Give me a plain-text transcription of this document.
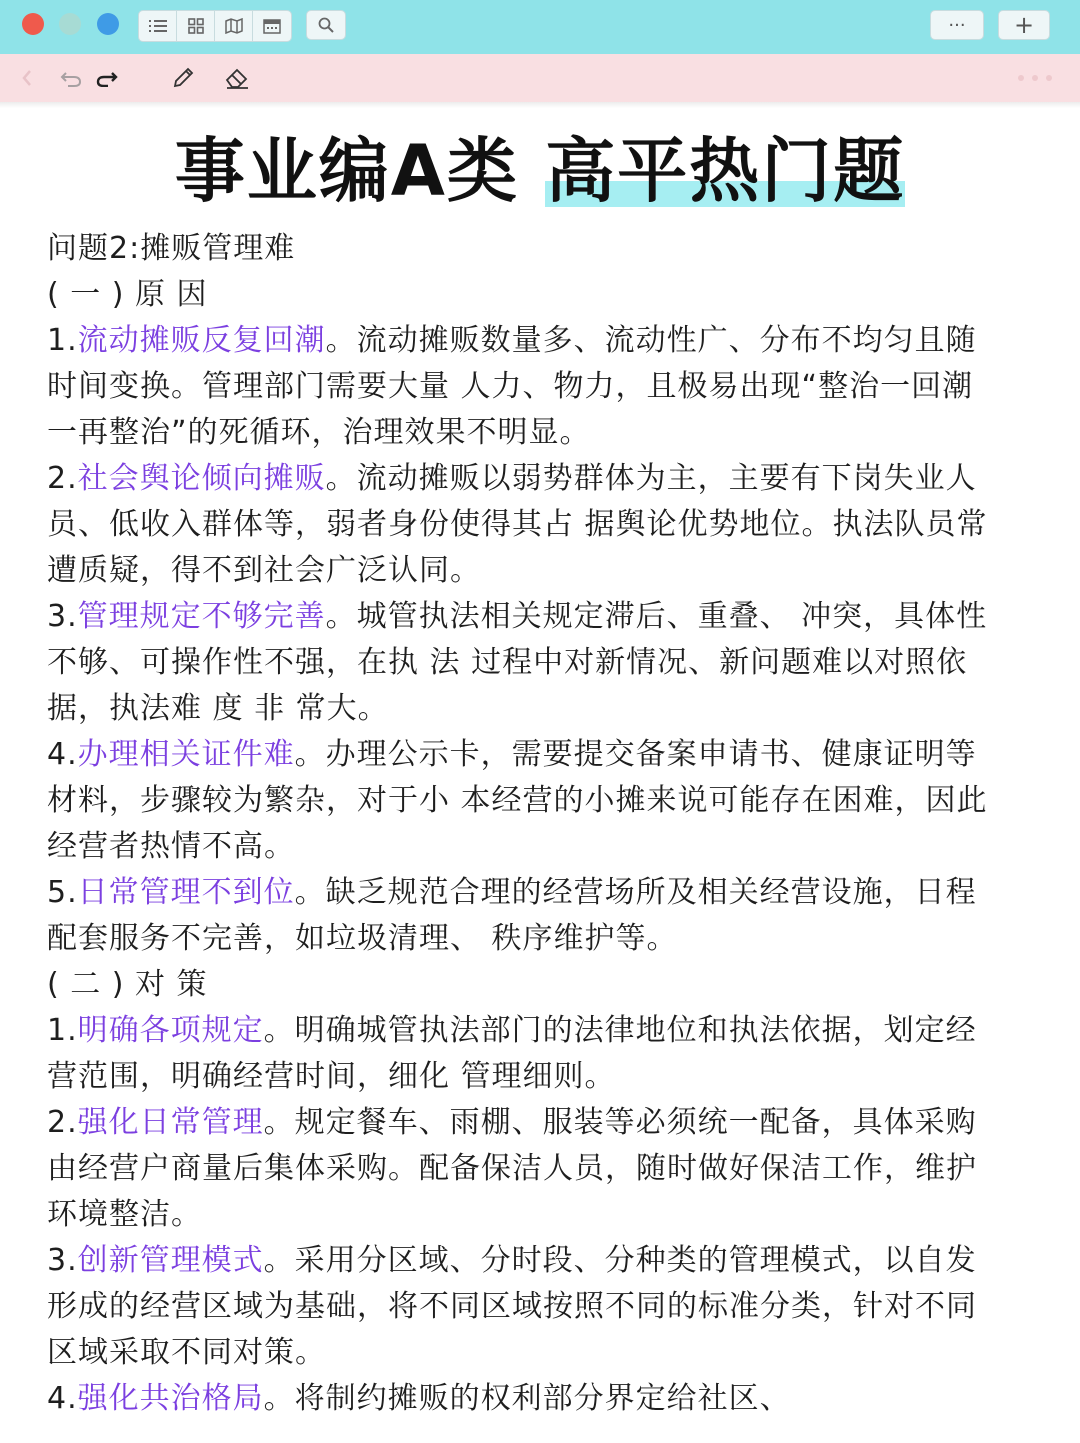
··· +
事业编A类 高平热门题
问题2:摊贩管理难
( 一 ) 原 因
1.流动摊贩反复回潮。流动摊贩数量多、流动性广、分布不均匀且随
时间变换。管理部门需要大量 人力、物力，且极易出现“整治一回潮
一再整治”的死循环，治理效果不明显。
2.社会舆论倾向摊贩。流动摊贩以弱势群体为主，主要有下岗失业人
员、低收入群体等，弱者身份使得其占 据舆论优势地位。执法队员常
遭质疑，得不到社会广泛认同。
3.管理规定不够完善。城管执法相关规定滞后、重叠、 冲突，具体性
不够、可操作性不强，在执 法 过程中对新情况、新问题难以对照依
据，执法难 度 非 常大。
4.办理相关证件难。办理公示卡，需要提交备案申请书、健康证明等
材料，步骤较为繁杂，对于小 本经营的小摊来说可能存在困难，因此
经营者热情不高。
5.日常管理不到位。缺乏规范合理的经营场所及相关经营设施，日程
配套服务不完善，如垃圾清理、 秩序维护等。
( 二 ) 对 策
1.明确各项规定。明确城管执法部门的法律地位和执法依据，划定经
营范围，明确经营时间，细化 管理细则。
2.强化日常管理。规定餐车、雨棚、服装等必须统一配备，具体采购
由经营户商量后集体采购。配备保洁人员，随时做好保洁工作，维护
环境整洁。
3.创新管理模式。采用分区域、分时段、分种类的管理模式，以自发
形成的经营区域为基础，将不同区域按照不同的标准分类，针对不同
区域采取不同对策。
4.强化共治格局。将制约摊贩的权利部分界定给社区、
